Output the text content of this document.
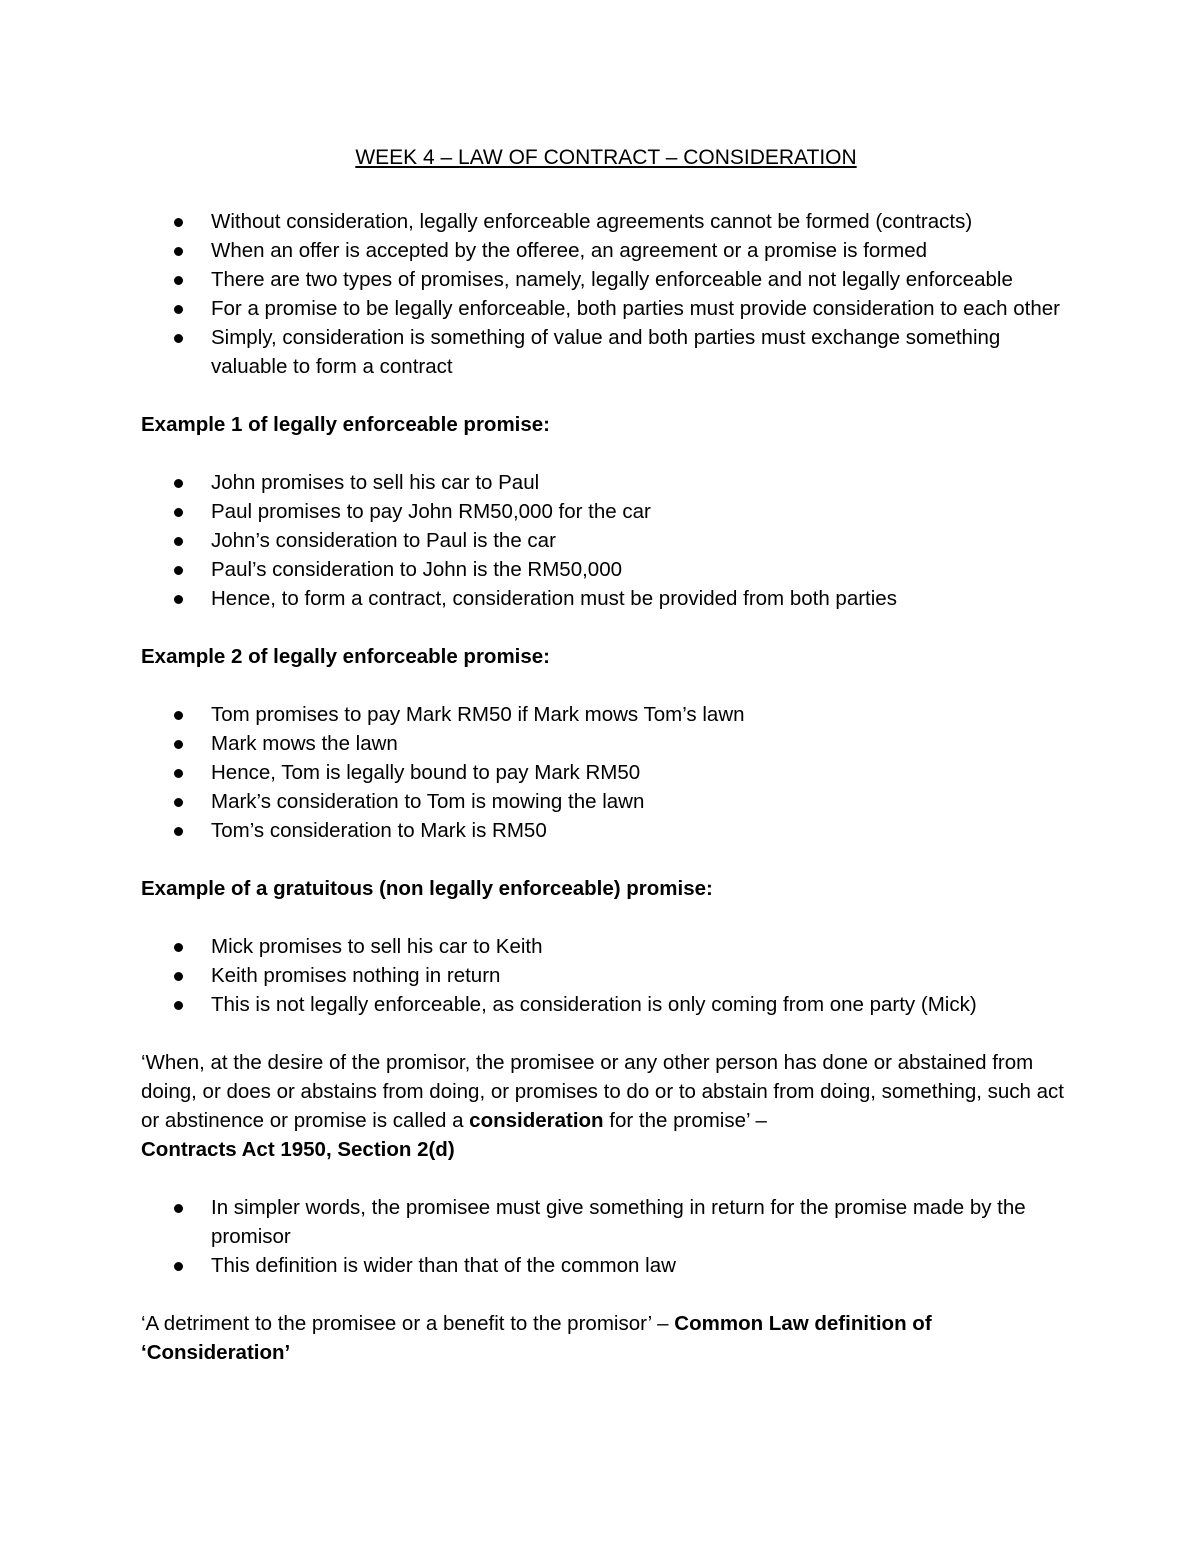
WEEK 4 – LAW OF CONTRACT – CONSIDERATION

Without consideration, legally enforceable agreements cannot be formed (contracts)
When an offer is accepted by the offeree, an agreement or a promise is formed
There are two types of promises, namely, legally enforceable and not legally enforceable
For a promise to be legally enforceable, both parties must provide consideration to each other
Simply, consideration is something of value and both parties must exchange something valuable to form a contract

Example 1 of legally enforceable promise:

John promises to sell his car to Paul
Paul promises to pay John RM50,000 for the car
John’s consideration to Paul is the car
Paul’s consideration to John is the RM50,000
Hence, to form a contract, consideration must be provided from both parties

Example 2 of legally enforceable promise:

Tom promises to pay Mark RM50 if Mark mows Tom’s lawn
Mark mows the lawn
Hence, Tom is legally bound to pay Mark RM50
Mark’s consideration to Tom is mowing the lawn
Tom’s consideration to Mark is RM50

Example of a gratuitous (non legally enforceable) promise:

Mick promises to sell his car to Keith
Keith promises nothing in return
This is not legally enforceable, as consideration is only coming from one party (Mick)

‘When, at the desire of the promisor, the promisee or any other person has done or abstained from doing, or does or abstains from doing, or promises to do or to abstain from doing, something, such act or abstinence or promise is called a consideration for the promise’ –
Contracts Act 1950, Section 2(d)

In simpler words, the promisee must give something in return for the promise made by the promisor
This definition is wider than that of the common law

‘A detriment to the promisee or a benefit to the promisor’ – Common Law definition of ‘Consideration’
